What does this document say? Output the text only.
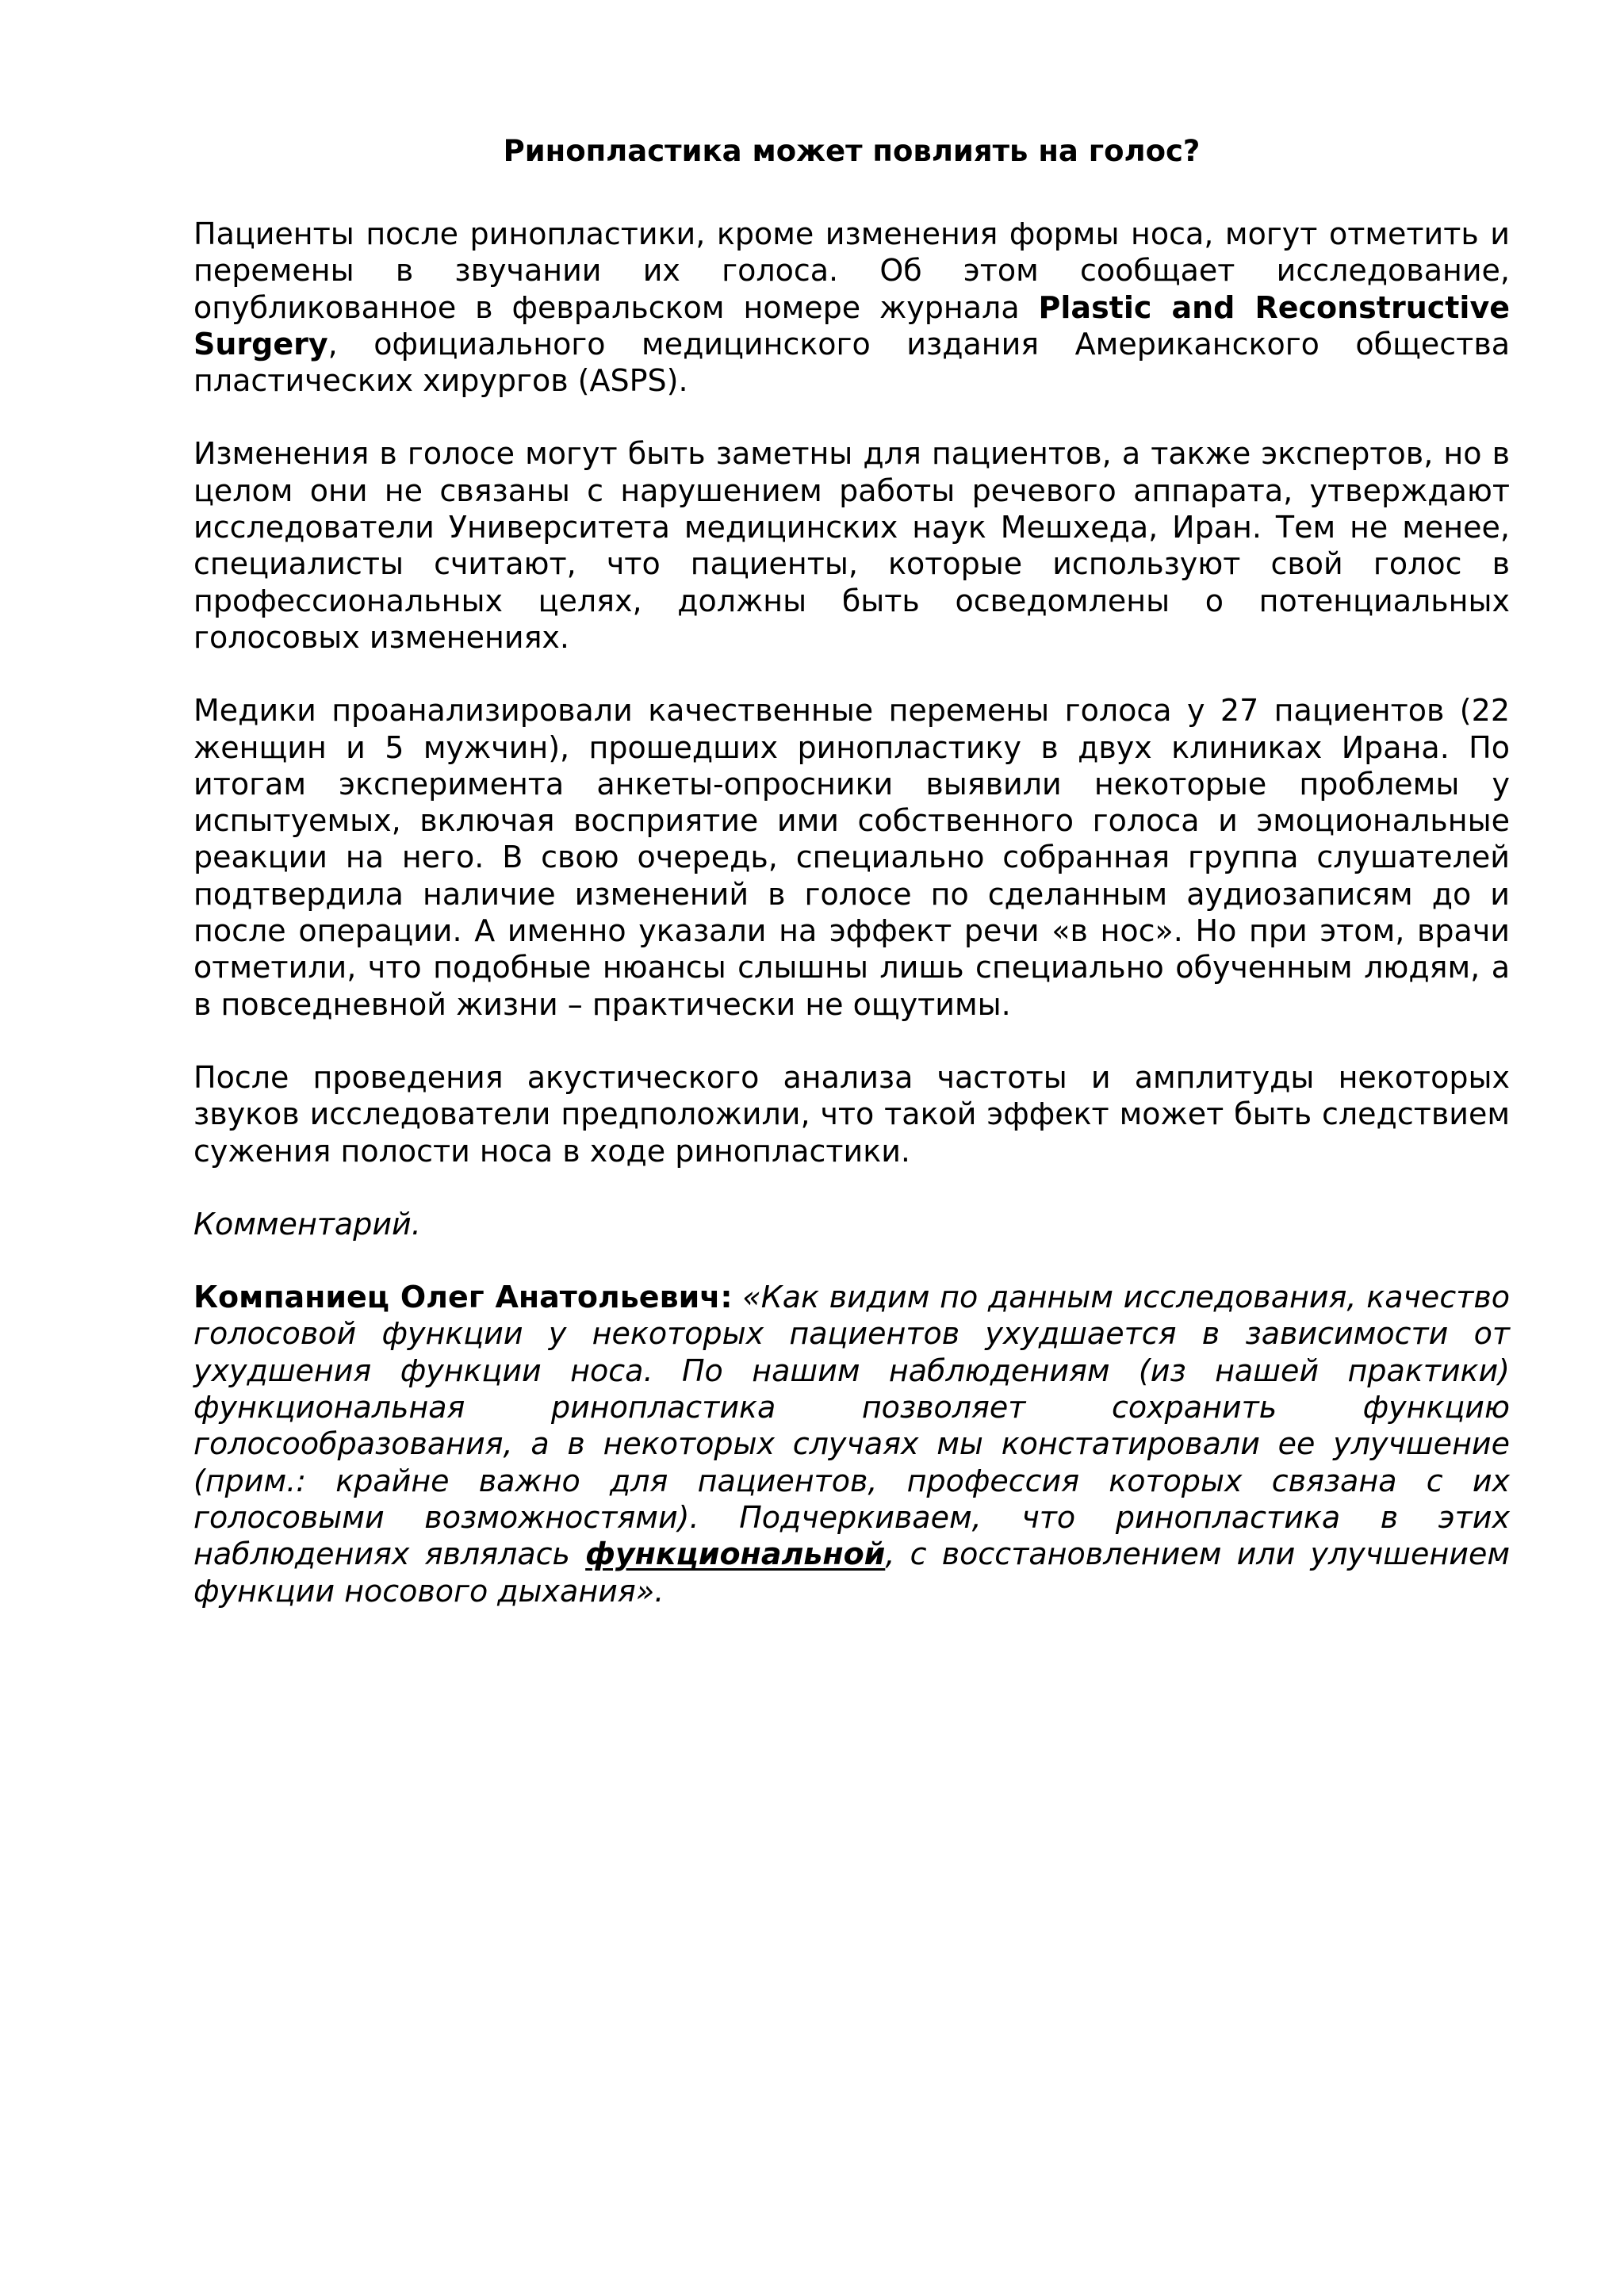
Ринопластика может повлиять на голос?

Пациенты после ринопластики, кроме изменения формы носа, могут отметить и перемены в звучании их голоса. Об этом сообщает исследование, опубликованное в февральском номере журнала Plastic and Reconstructive Surgery, официального медицинского издания Американского общества пластических хирургов (ASPS).

Изменения в голосе могут быть заметны для пациентов, а также экспертов, но в целом они не связаны с нарушением работы речевого аппарата, утверждают исследователи Университета медицинских наук Мешхеда, Иран. Тем не менее, специалисты считают, что пациенты, которые используют свой голос в профессиональных целях, должны быть осведомлены о потенциальных голосовых изменениях.

Медики проанализировали качественные перемены голоса у 27 пациентов (22 женщин и 5 мужчин), прошедших ринопластику в двух клиниках Ирана. По итогам эксперимента анкеты-опросники выявили некоторые проблемы у испытуемых, включая восприятие ими собственного голоса и эмоциональные реакции на него. В свою очередь, специально собранная группа слушателей подтвердила наличие изменений в голосе по сделанным аудиозаписям до и после операции. А именно указали на эффект речи «в нос». Но при этом, врачи отметили, что подобные нюансы слышны лишь специально обученным людям, а в повседневной жизни – практически не ощутимы.

После проведения акустического анализа частоты и амплитуды некоторых звуков исследователи предположили, что такой эффект может быть следствием сужения полости носа в ходе ринопластики.

Комментарий.

Компаниец Олег Анатольевич: «Как видим по данным исследования, качество голосовой функции у некоторых пациентов ухудшается в зависимости от ухудшения функции носа. По нашим наблюдениям (из нашей практики) функциональная ринопластика позволяет сохранить функцию голосообразования, а в некоторых случаях мы констатировали ее улучшение (прим.: крайне важно для пациентов, профессия которых связана с их голосовыми возможностями). Подчеркиваем, что ринопластика в этих наблюдениях являлась функциональной, с восстановлением или улучшением функции носового дыхания».
